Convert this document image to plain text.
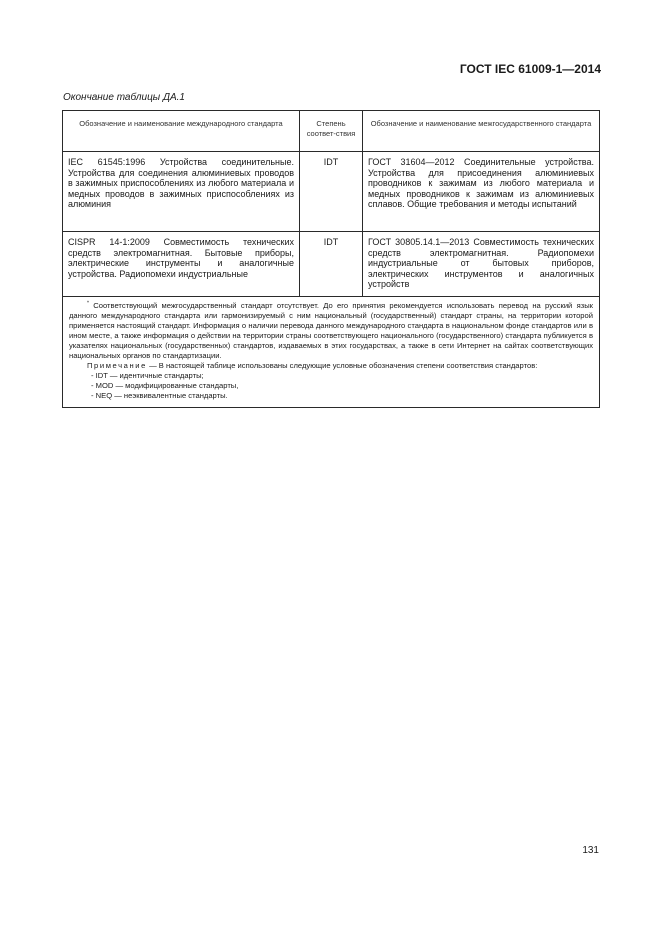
ГОСТ IEC 61009-1—2014
Окончание таблицы ДА.1
Обозначение и наименование международного стандарта	Степень соответ-ствия	Обозначение и наименование межгосударственного стандарта
IEC 61545:1996 Устройства соединительные. Устройства для соединения алюминиевых проводов в зажимных приспособлениях из любого материала и медных проводов в зажимных приспособлениях из алюминия	IDT	ГОСТ 31604—2012 Соединительные устройства. Устройства для присоединения алюминиевых проводников к зажимам из любого материала и медных проводников к зажимам из алюминиевых сплавов. Общие требования и методы испытаний
CISPR 14-1:2009 Совместимость технических средств электромагнитная. Бытовые приборы, электрические инструменты и аналогичные устройства. Радиопомехи индустриальные	IDT	ГОСТ 30805.14.1—2013 Совместимость технических средств электромагнитная. Радиопомехи индустриальные от бытовых приборов, электрических инструментов и аналогичных устройств

* Соответствующий межгосударственный стандарт отсутствует. До его принятия рекомендуется использовать перевод на русский язык данного международного стандарта или гармонизируемый с ним национальный (государственный) стандарт страны, на территории которой применяется настоящий стандарт. Информация о наличии перевода данного международного стандарта в национальном фонде стандартов или в ином месте, а также информация о действии на территории страны соответствующего национального (государственного) стандарта публикуется в указателях национальных (государственных) стандартов, издаваемых в этих государствах, а также в сети Интернет на сайтах соответствующих национальных органов по стандартизации.

Примечание — В настоящей таблице использованы следующие условные обозначения степени соответствия стандартов:

- IDT — идентичные стандарты;

- MOD — модифицированные стандарты,

- NEQ — неэквивалентные стандарты.		

131
